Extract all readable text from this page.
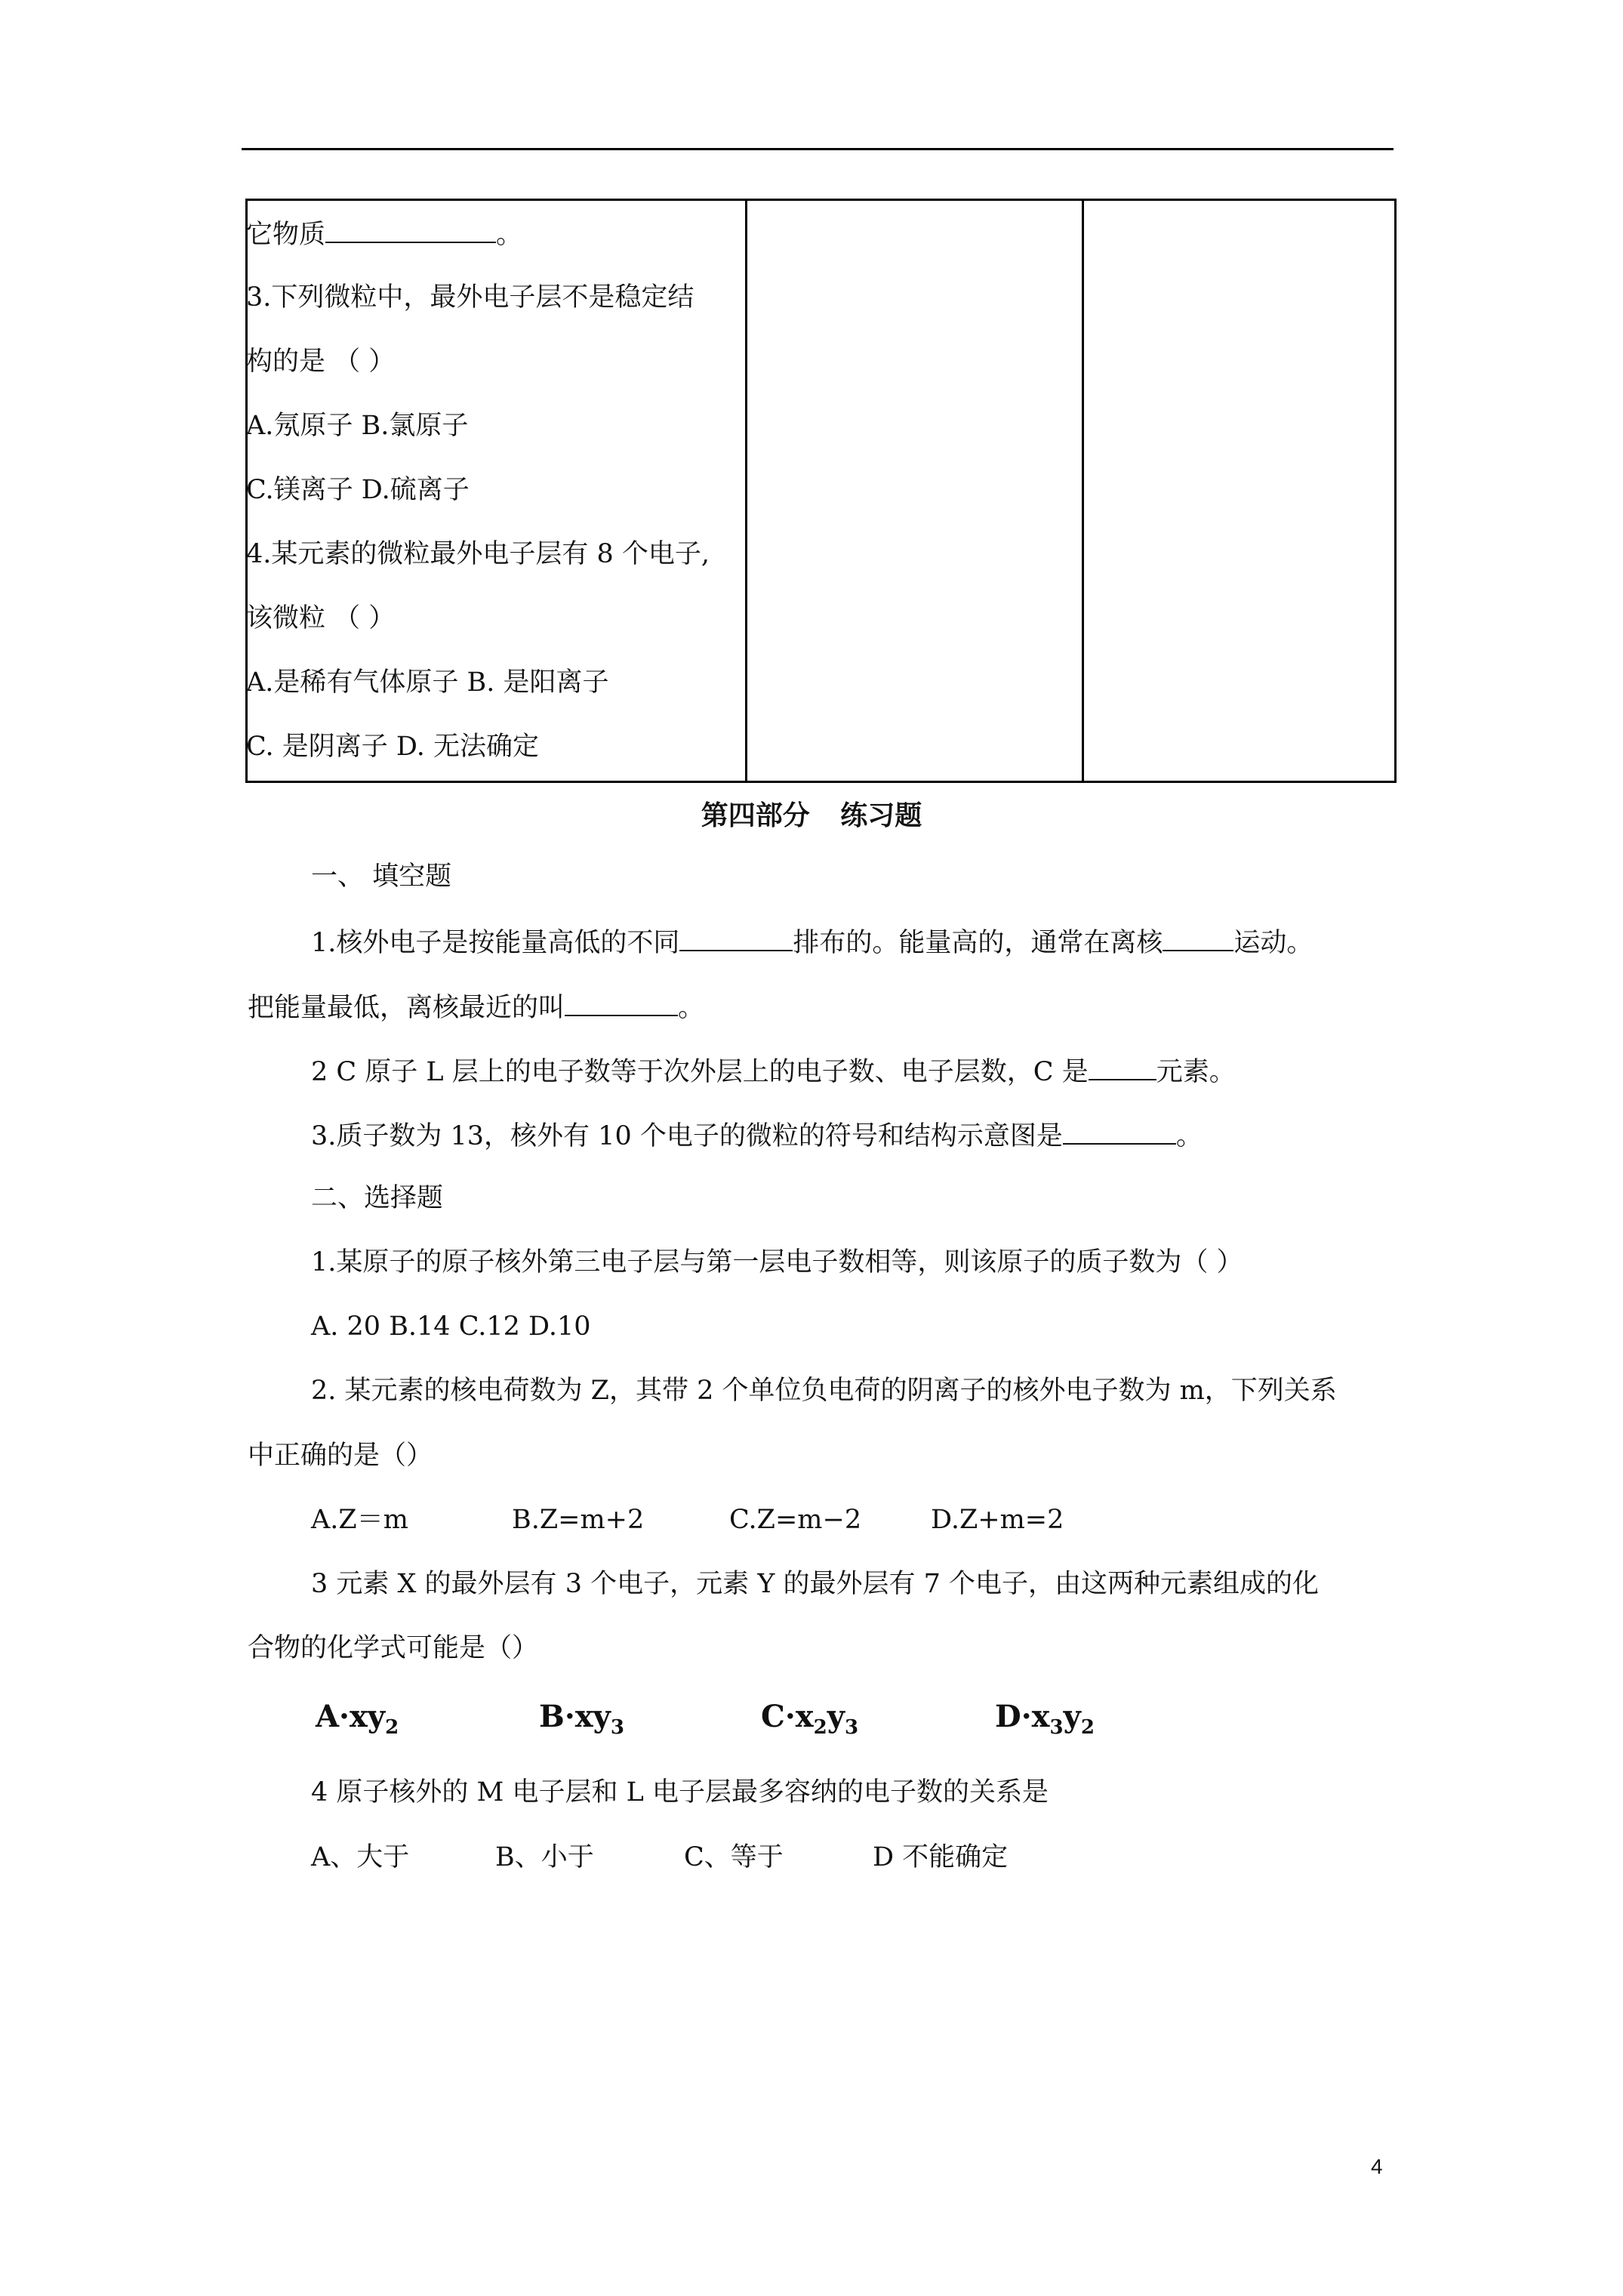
它物质	。
3.下列微粒中，最外电子层不是稳定结
构的是 （ ）
A.氖原子 B.氯原子
C.镁离子 D.硫离子
4.某元素的微粒最外电子层有 8 个电子,
该微粒 （ ）
A.是稀有气体原子 B. 是阳离子
C. 是阴离子 D. 无法确定
第四部分 练习题
一、 填空题
1.核外电子是按能量高低的不同	排布的。能量高的，通常在离核	运动。
把能量最低，离核最近的叫	。
2 C 原子 L 层上的电子数等于次外层上的电子数、电子层数，C 是	元素。
3.质子数为 13，核外有 10 个电子的微粒的符号和结构示意图是	。
二、选择题
1.某原子的原子核外第三电子层与第一层电子数相等，则该原子的质子数为（ ）
A. 20 B.14 C.12 D.10
2. 某元素的核电荷数为 Z，其带 2 个单位负电荷的阴离子的核外电子数为 m，下列关系
中正确的是（）
A.Z＝m	B.Z=m+2	C.Z=m−2	D.Z+m=2
3 元素 X 的最外层有 3 个电子，元素 Y 的最外层有 7 个电子，由这两种元素组成的化
合物的化学式可能是（）
$A\cdot xy_2$	$B\cdot xy_3$	$C\cdot x_2y_3$	$D\cdot x_3y_2$
4 原子核外的 M 电子层和 L 电子层最多容纳的电子数的关系是
A、大于	B、小于	C、等于	D 不能确定
4
